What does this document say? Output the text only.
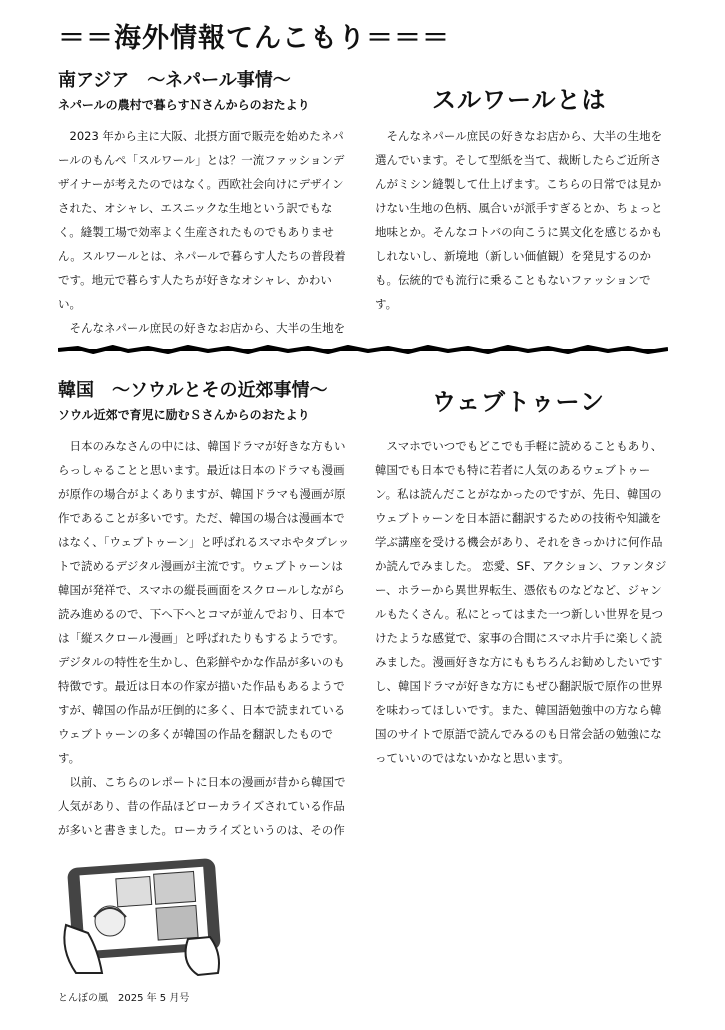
＝＝海外情報てんこもり＝＝＝
南アジア　〜ネパール事情〜
ネパールの農村で暮らすＮさんからのおたより	スルワールとは

2023 年から主に大阪、北摂方面で販売を始めたネパールのもんぺ「スルワール」とは？一流ファッションデザイナーが考えたのではなく。西欧社会向けにデザインされた、オシャレ、エスニックな生地という訳でもなく。縫製工場で効率よく生産されたものでもありません。スルワールとは、ネパールで暮らす人たちの普段着です。地元で暮らす人たちが好きなオシャレ、かわいい。

そんなネパール庶民の好きなお店から、大半の生地を

そんなネパール庶民の好きなお店から、大半の生地を選んでいます。そして型紙を当て、裁断したらご近所さんがミシン縫製して仕上げます。こちらの日常では見かけない生地の色柄、風合いが派手すぎるとか、ちょっと地味とか。そんなコトバの向こうに異文化を感じるかもしれないし、新境地（新しい価値観）を発見するのかも。伝統的でも流行に乗ることもないファッションです。

韓国　〜ソウルとその近郊事情〜
ソウル近郊で育児に励むＳさんからのおたより	ウェブトゥーン

日本のみなさんの中には、韓国ドラマが好きな方もいらっしゃることと思います。最近は日本のドラマも漫画が原作の場合がよくありますが、韓国ドラマも漫画が原作であることが多いです。ただ、韓国の場合は漫画本ではなく、「ウェブトゥーン」と呼ばれるスマホやタブレットで読めるデジタル漫画が主流です。ウェブトゥーンは韓国が発祥で、スマホの縦長画面をスクロールしながら読み進めるので、下へ下へとコマが並んでおり、日本では「縦スクロール漫画」と呼ばれたりもするようです。デジタルの特性を生かし、色彩鮮やかな作品が多いのも特徴です。最近は日本の作家が描いた作品もあるようですが、韓国の作品が圧倒的に多く、日本で読まれているウェブトゥーンの多くが韓国の作品を翻訳したものです。

以前、こちらのレポートに日本の漫画が昔から韓国で人気があり、昔の作品ほどローカライズされている作品が多いと書きました。ローカライズというのは、その作

スマホでいつでもどこでも手軽に読めることもあり、韓国でも日本でも特に若者に人気のあるウェブトゥーン。私は読んだことがなかったのですが、先日、韓国のウェブトゥーンを日本語に翻訳するための技術や知識を学ぶ講座を受ける機会があり、それをきっかけに何作品か読んでみました。 恋愛、SF、アクション、ファンタジー、ホラーから異世界転生、憑依ものなどなど、ジャンルもたくさん。私にとってはまた一つ新しい世界を見つけたような感覚で、家事の合間にスマホ片手に楽しく読みました。漫画好きな方にももちろんお勧めしたいですし、韓国ドラマが好きな方にもぜひ翻訳版で原作の世界を味わってほしいです。また、韓国語勉強中の方なら韓国のサイトで原語で読んでみるのも日常会話の勉強になっていいのではないかなと思います。

とんぼの風　2025 年 5 月号
